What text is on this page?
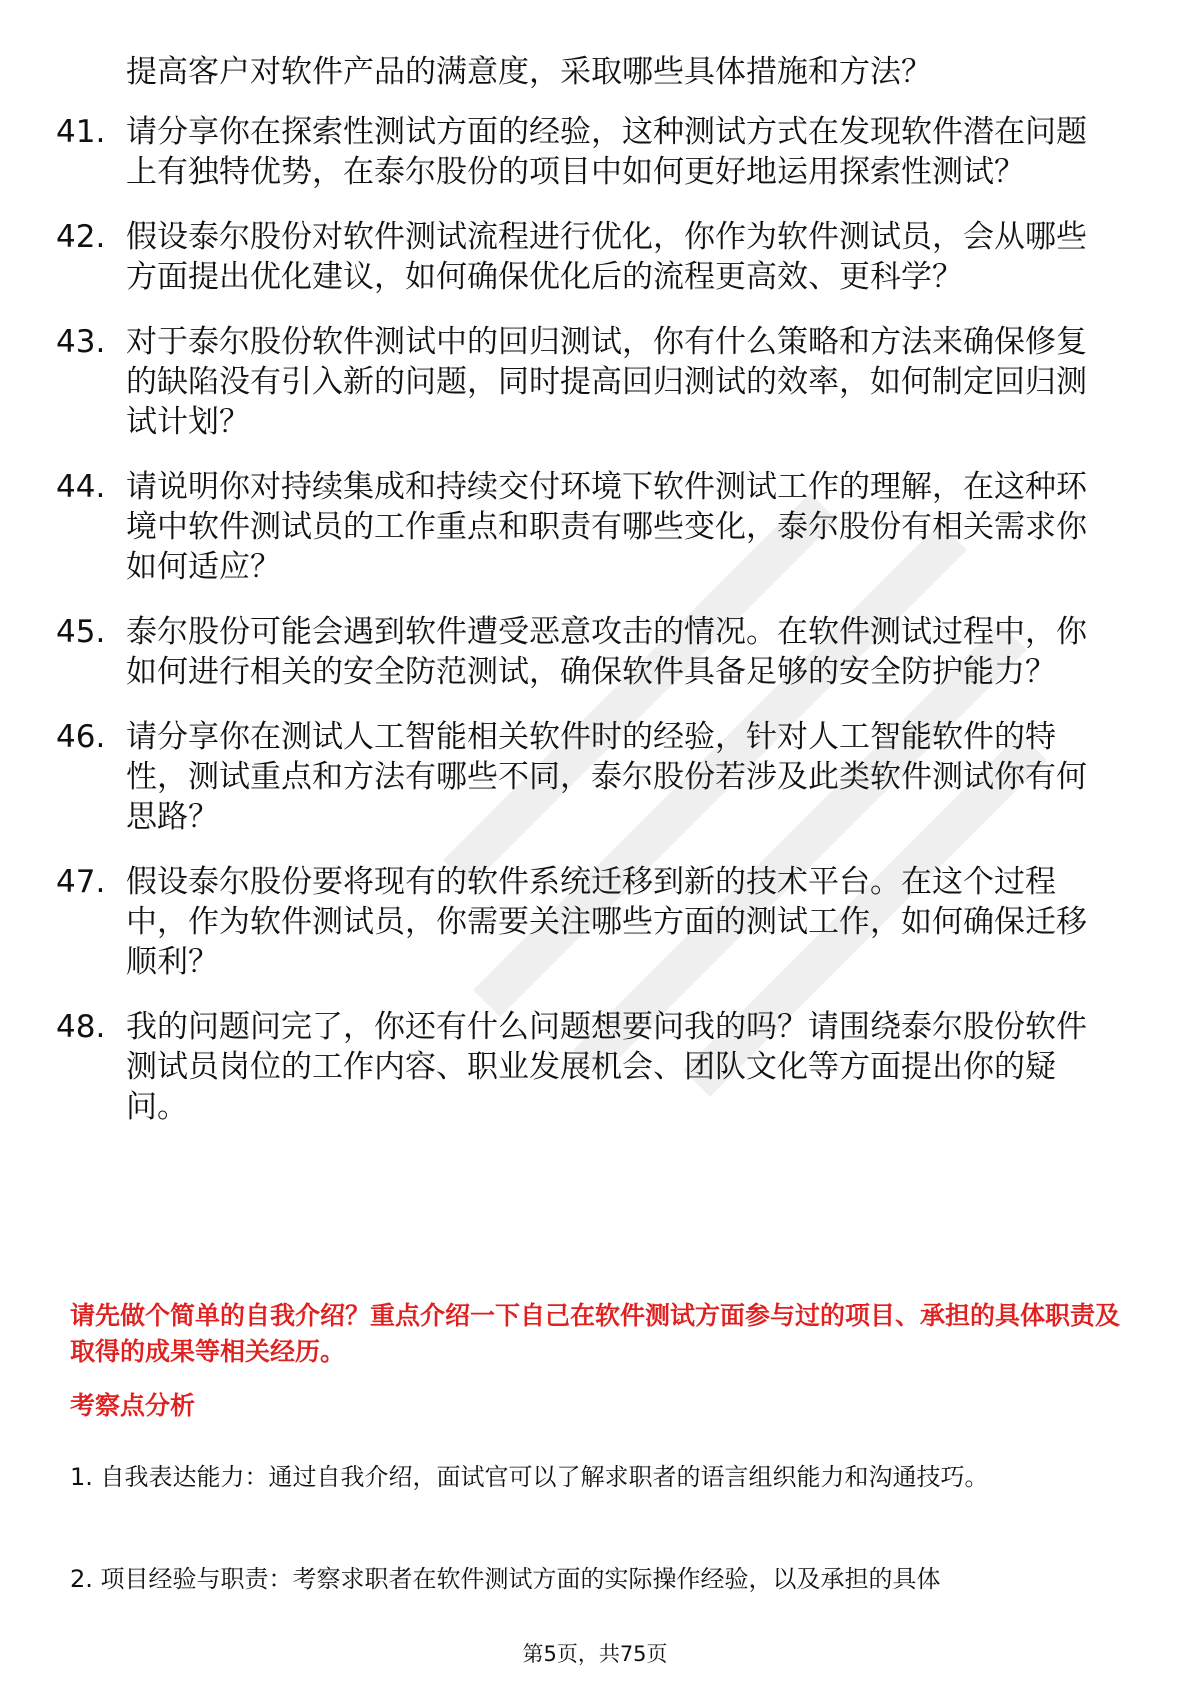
提高客户对软件产品的满意度，采取哪些具体措施和方法？

41. 请分享你在探索性测试方面的经验，这种测试方式在发现软件潜在问题上有独特优势，在泰尔股份的项目中如何更好地运用探索性测试？

42. 假设泰尔股份对软件测试流程进行优化，你作为软件测试员，会从哪些方面提出优化建议，如何确保优化后的流程更高效、更科学？

43. 对于泰尔股份软件测试中的回归测试，你有什么策略和方法来确保修复的缺陷没有引入新的问题，同时提高回归测试的效率，如何制定回归测试计划？

44. 请说明你对持续集成和持续交付环境下软件测试工作的理解，在这种环境中软件测试员的工作重点和职责有哪些变化，泰尔股份有相关需求你如何适应？

45. 泰尔股份可能会遇到软件遭受恶意攻击的情况。在软件测试过程中，你如何进行相关的安全防范测试，确保软件具备足够的安全防护能力？

46. 请分享你在测试人工智能相关软件时的经验，针对人工智能软件的特性，测试重点和方法有哪些不同，泰尔股份若涉及此类软件测试你有何思路？

47. 假设泰尔股份要将现有的软件系统迁移到新的技术平台。在这个过程中，作为软件测试员，你需要关注哪些方面的测试工作，如何确保迁移顺利？

48. 我的问题问完了，你还有什么问题想要问我的吗？请围绕泰尔股份软件测试员岗位的工作内容、职业发展机会、团队文化等方面提出你的疑问。

请先做个简单的自我介绍？重点介绍一下自己在软件测试方面参与过的项目、承担的具体职责及取得的成果等相关经历。

考察点分析

1. 自我表达能力：通过自我介绍，面试官可以了解求职者的语言组织能力和沟通技巧。

2. 项目经验与职责：考察求职者在软件测试方面的实际操作经验，以及承担的具体

第5页，共75页
